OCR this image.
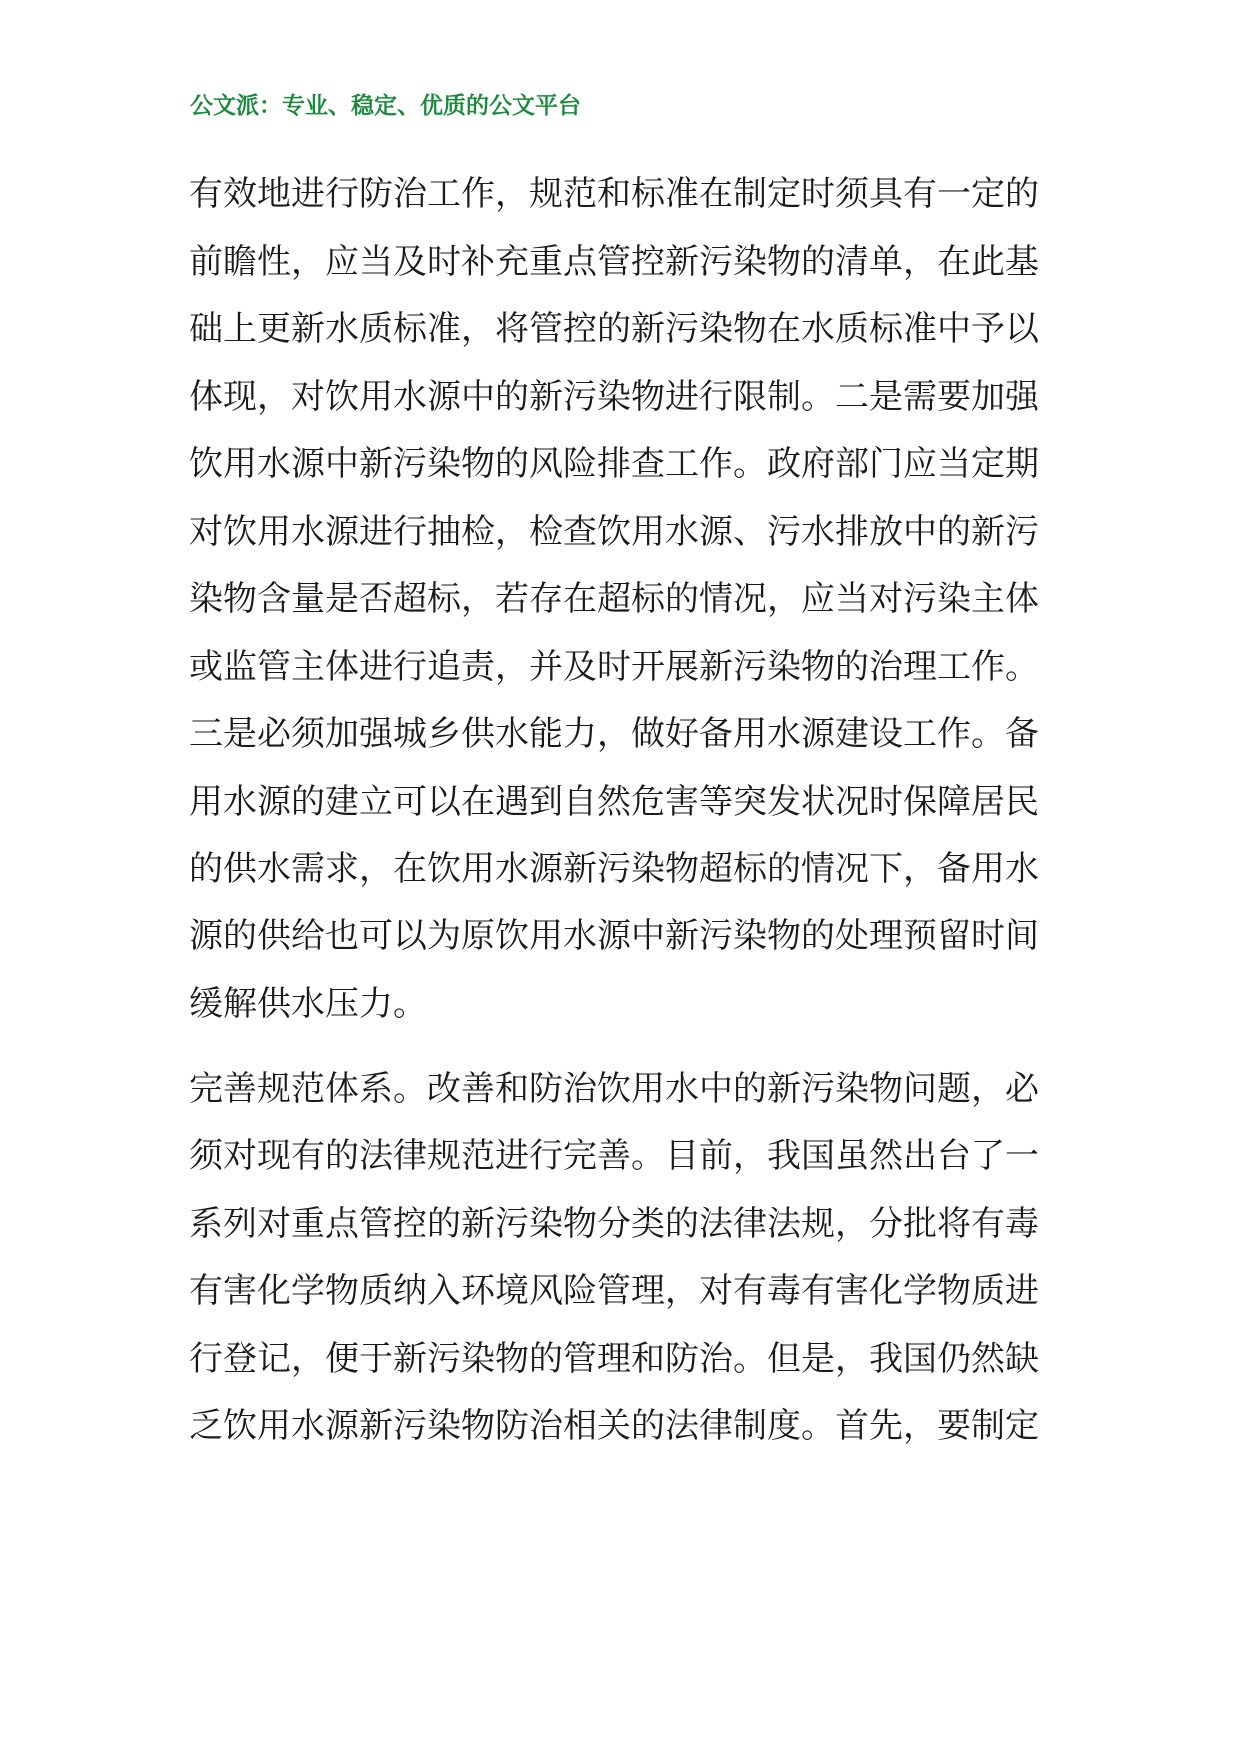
公文派：专业、稳定、优质的公文平台
有效地进行防治工作，规范和标准在制定时须具有一定的
前瞻性，应当及时补充重点管控新污染物的清单，在此基
础上更新水质标准，将管控的新污染物在水质标准中予以
体现，对饮用水源中的新污染物进行限制。二是需要加强
饮用水源中新污染物的风险排查工作。政府部门应当定期
对饮用水源进行抽检，检查饮用水源、污水排放中的新污
染物含量是否超标，若存在超标的情况，应当对污染主体
或监管主体进行追责，并及时开展新污染物的治理工作。
三是必须加强城乡供水能力，做好备用水源建设工作。备
用水源的建立可以在遇到自然危害等突发状况时保障居民
的供水需求，在饮用水源新污染物超标的情况下，备用水
源的供给也可以为原饮用水源中新污染物的处理预留时间
缓解供水压力。
完善规范体系。改善和防治饮用水中的新污染物问题，必
须对现有的法律规范进行完善。目前，我国虽然出台了一
系列对重点管控的新污染物分类的法律法规，分批将有毒
有害化学物质纳入环境风险管理，对有毒有害化学物质进
行登记，便于新污染物的管理和防治。但是，我国仍然缺
乏饮用水源新污染物防治相关的法律制度。首先，要制定
